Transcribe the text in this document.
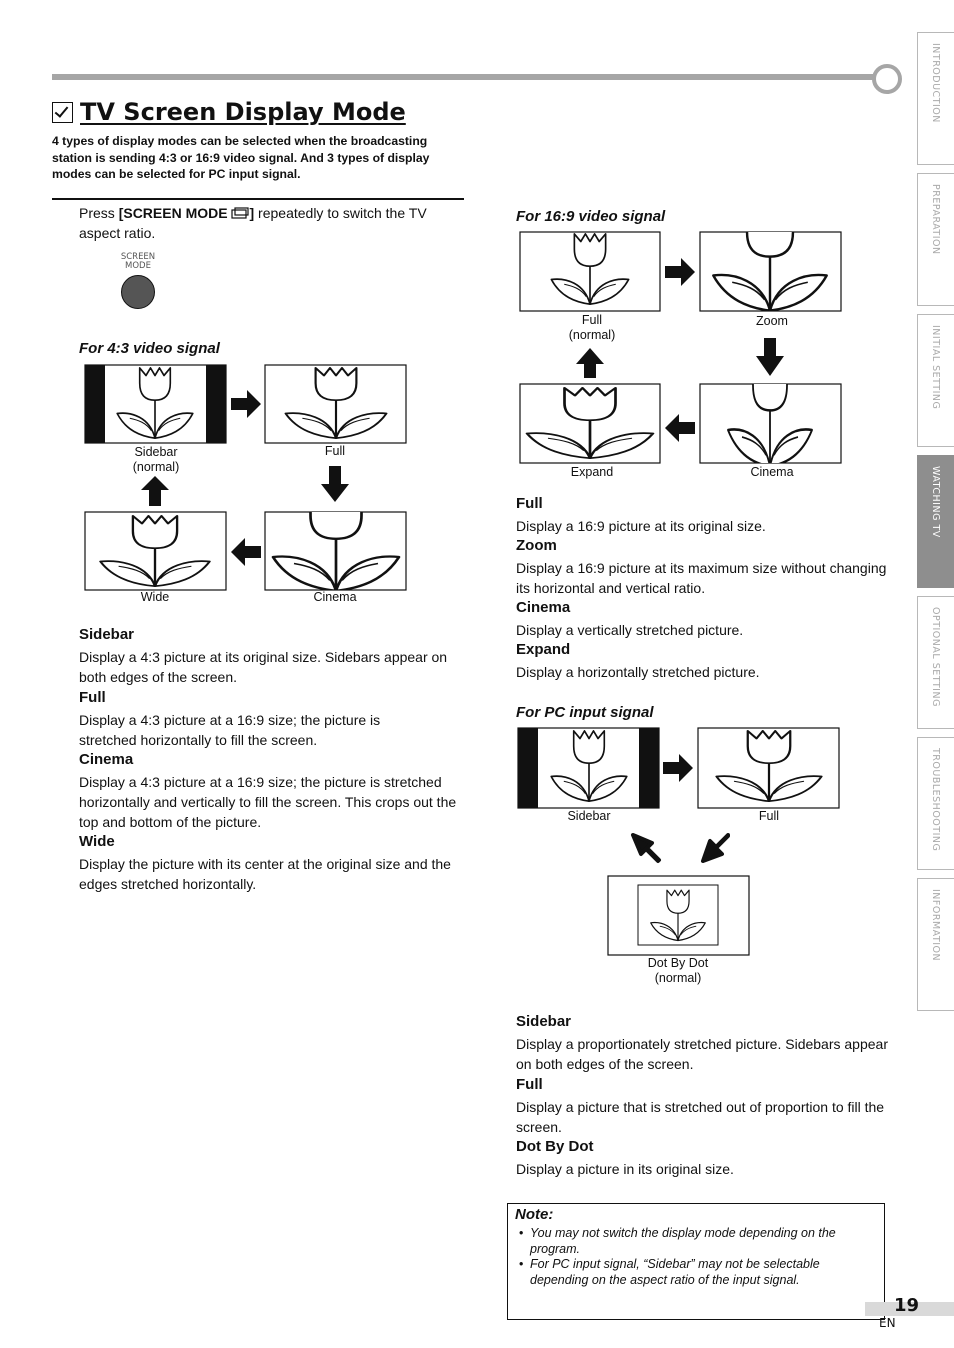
TV Screen Display Mode
4 types of display modes can be selected when the broadcasting station is sending 4:3 or 16:9 video signal. And 3 types of display modes can be selected for PC input signal.
Press [SCREEN MODE ] repeatedly to switch the TV aspect ratio.
SCREEN
MODE
For 4:3 video signal
Sidebar
(normal)
Full
Wide	Cinema
Sidebar
Display a 4:3 picture at its original size. Sidebars appear on both edges of the screen.
Full
Display a 4:3 picture at a 16:9 size; the picture is stretched horizontally to fill the screen.
Cinema
Display a 4:3 picture at a 16:9 size; the picture is stretched horizontally and vertically to fill the screen. This crops out the top and bottom of the picture.
Wide
Display the picture with its center at the original size and the edges stretched horizontally.
For 16:9 video signal
Full
(normal)
Zoom
Expand	Cinema
Full
Display a 16:9 picture at its original size.
Zoom
Display a 16:9 picture at its maximum size without changing its horizontal and vertical ratio.
Cinema
Display a vertically stretched picture.
Expand
Display a horizontally stretched picture.
For PC input signal
Sidebar	Full
Dot By Dot
(normal)
Sidebar
Display a proportionately stretched picture. Sidebars appear on both edges of the screen.
Full
Display a picture that is stretched out of proportion to fill the screen.
Dot By Dot
Display a picture in its original size.
Note:
• You may not switch the display mode depending on the program.
• For PC input signal, “Sidebar” may not be selectable depending on the aspect ratio of the input signal.
INTRODUCTION
PREPARATION
INITIAL SETTING
WATCHING TV
OPTIONAL SETTING
TROUBLESHOOTING
INFORMATION
19
EN
